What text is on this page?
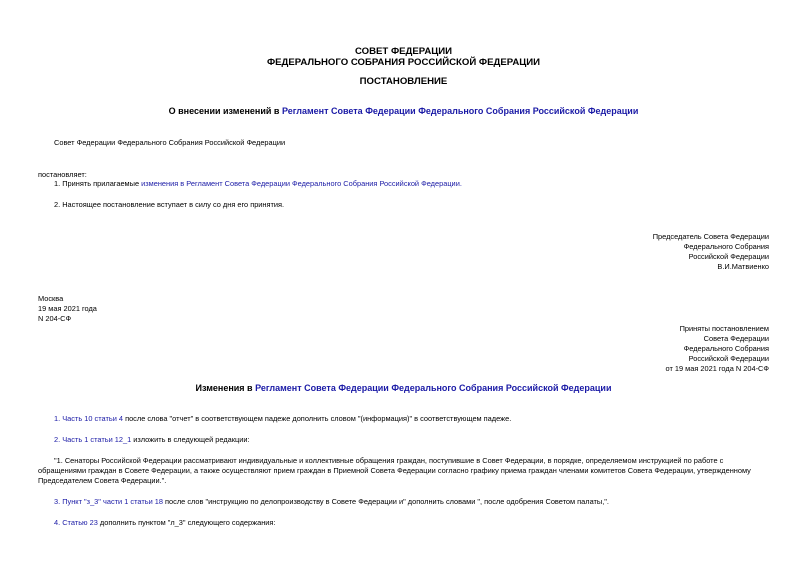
СОВЕТ ФЕДЕРАЦИИ
ФЕДЕРАЛЬНОГО СОБРАНИЯ РОССИЙСКОЙ ФЕДЕРАЦИИ
ПОСТАНОВЛЕНИЕ
О внесении изменений в Регламент Совета Федерации Федерального Собрания Российской Федерации
Совет Федерации Федерального Собрания Российской Федерации
постановляет:
1. Принять прилагаемые изменения в Регламент Совета Федерации Федерального Собрания Российской Федерации.
2. Настоящее постановление вступает в силу со дня его принятия.
Председатель Совета Федерации
Федерального Собрания
Российской Федерации
В.И.Матвиенко
Москва
19 мая 2021 года
N 204-СФ
Приняты постановлением
Совета Федерации
Федерального Собрания
Российской Федерации
от 19 мая 2021 года N 204-СФ
Изменения в Регламент Совета Федерации Федерального Собрания Российской Федерации
1. Часть 10 статьи 4 после слова "отчет" в соответствующем падеже дополнить словом "(информация)" в соответствующем падеже.
2. Часть 1 статьи 12_1 изложить в следующей редакции:
"1. Сенаторы Российской Федерации рассматривают индивидуальные и коллективные обращения граждан, поступившие в Совет Федерации, в порядке, определяемом инструкцией по работе с обращениями граждан в Совете Федерации, а также осуществляют прием граждан в Приемной Совета Федерации согласно графику приема граждан членами комитетов Совета Федерации, утвержденному Председателем Совета Федерации.".
3. Пункт "з_3" части 1 статьи 18 после слов "инструкцию по делопроизводству в Совете Федерации и" дополнить словами ", после одобрения Советом палаты,".
4. Статью 23 дополнить пунктом "л_3" следующего содержания:
